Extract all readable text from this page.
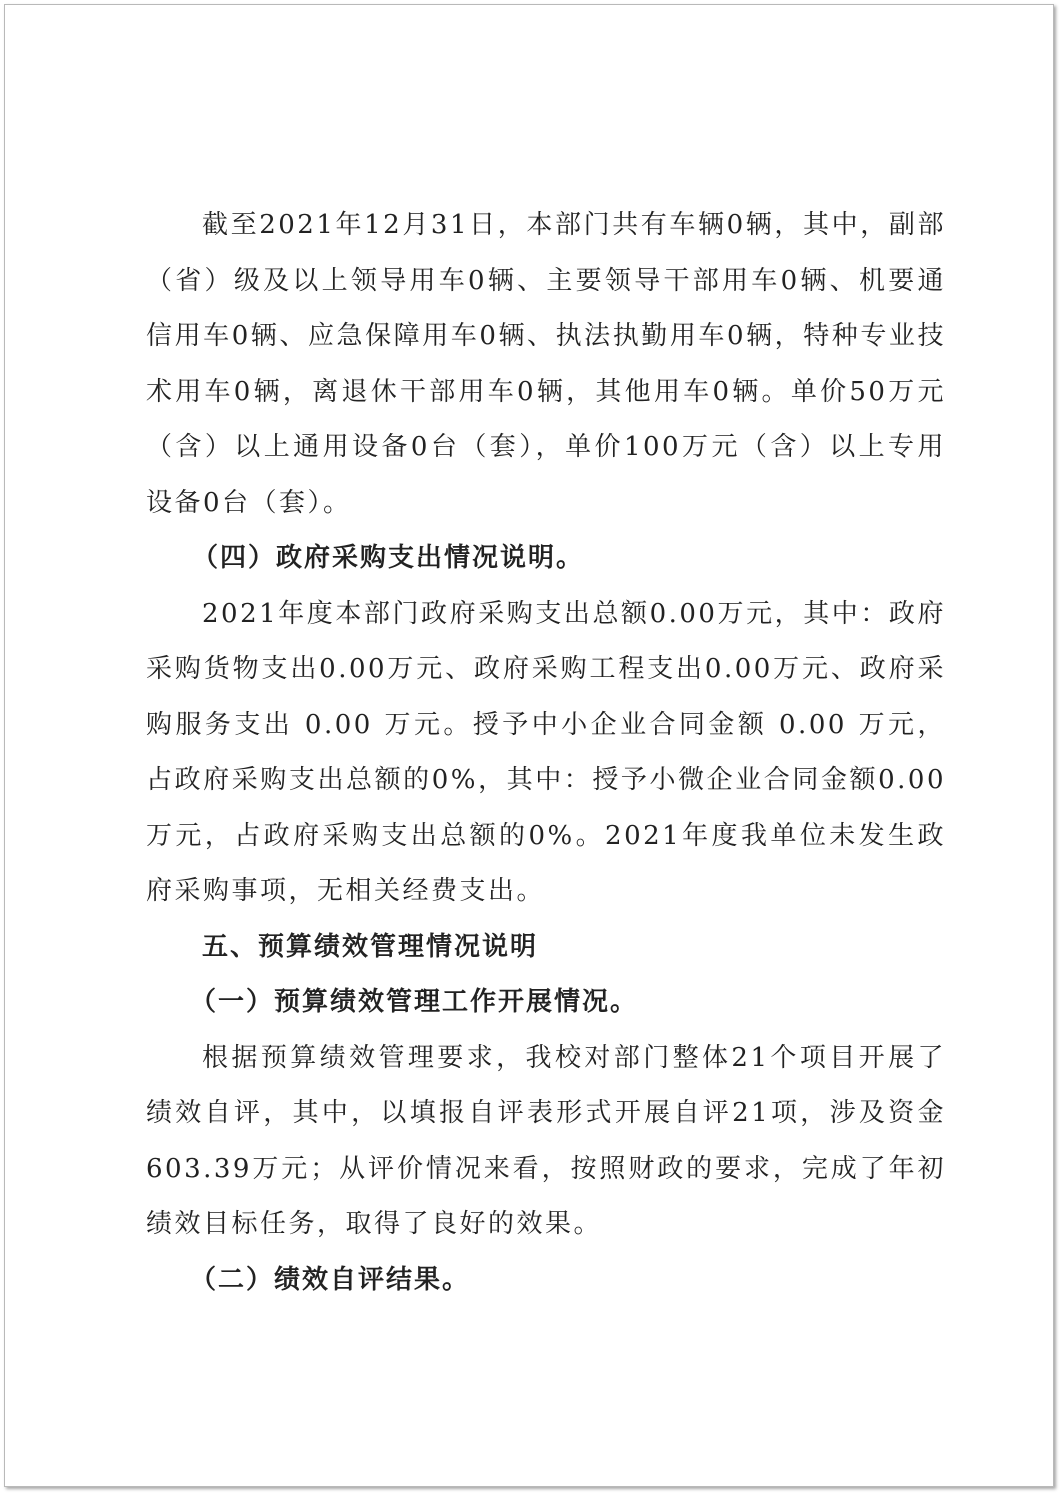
截至2021年12月31日，本部门共有车辆0辆，其中，副部（省）级及以上领导用车0辆、主要领导干部用车0辆、机要通信用车0辆、应急保障用车0辆、执法执勤用车0辆，特种专业技术用车0辆，离退休干部用车0辆，其他用车0辆。单价50万元（含）以上通用设备0台（套），单价100万元（含）以上专用设备0台（套）。

（四）政府采购支出情况说明。

2021年度本部门政府采购支出总额0.00万元，其中：政府采购货物支出0.00万元、政府采购工程支出0.00万元、政府采购服务支出 0.00 万元。授予中小企业合同金额 0.00 万元，占政府采购支出总额的0%，其中：授予小微企业合同金额0.00万元，占政府采购支出总额的0%。2021年度我单位未发生政府采购事项，无相关经费支出。

五、预算绩效管理情况说明

（一）预算绩效管理工作开展情况。

根据预算绩效管理要求，我校对部门整体21个项目开展了绩效自评，其中，以填报自评表形式开展自评21项，涉及资金603.39万元；从评价情况来看，按照财政的要求，完成了年初绩效目标任务，取得了良好的效果。

（二）绩效自评结果。
